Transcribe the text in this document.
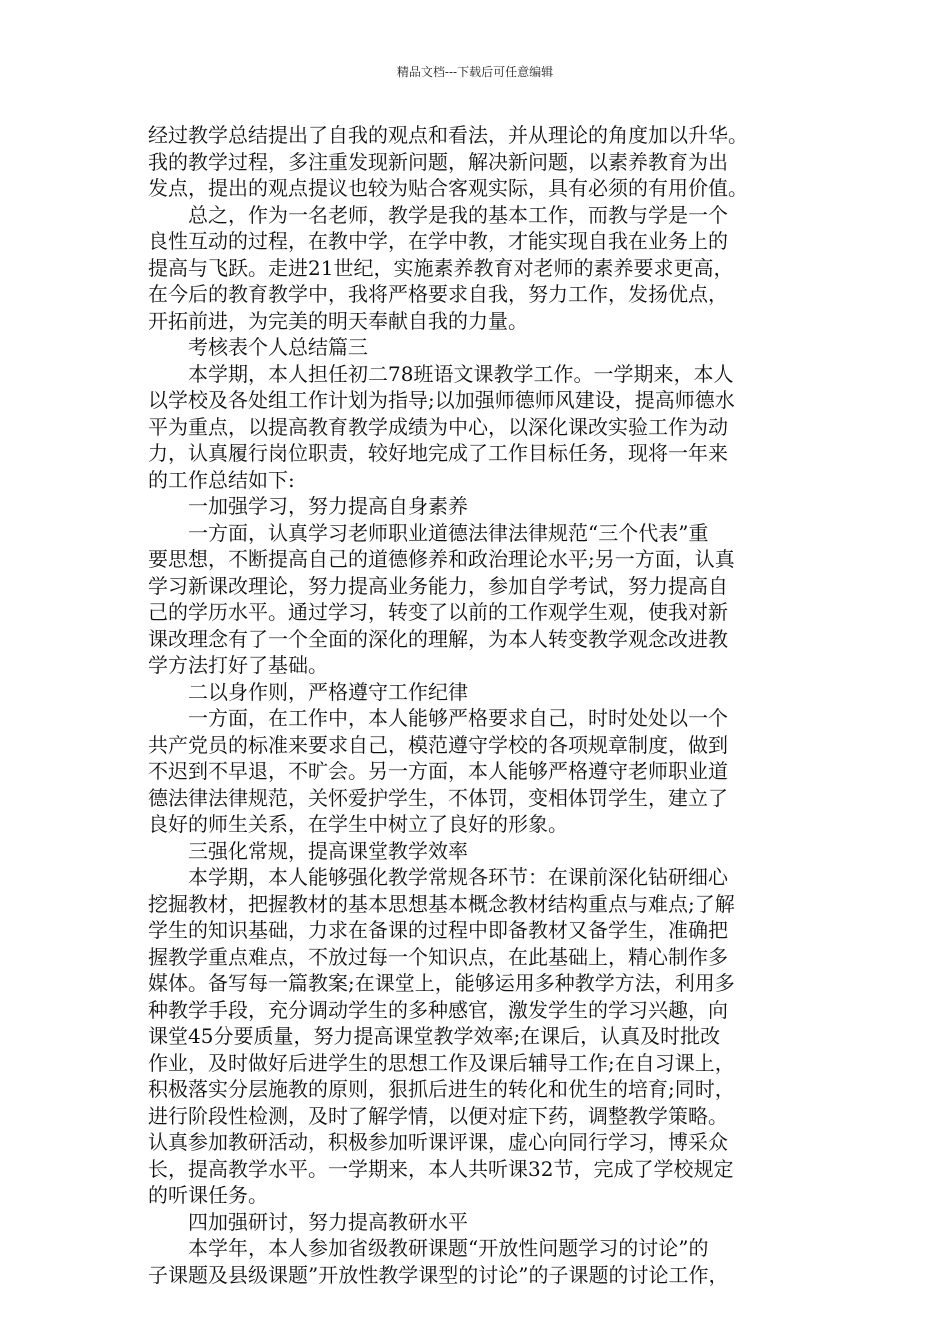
精品文档---下载后可任意编辑
经过教学总结提出了自我的观点和看法，并从理论的角度加以升华。
我的教学过程，多注重发现新问题，解决新问题，以素养教育为出
发点，提出的观点提议也较为贴合客观实际，具有必须的有用价值。
总之，作为一名老师，教学是我的基本工作，而教与学是一个
良性互动的过程，在教中学，在学中教，才能实现自我在业务上的
提高与飞跃。走进21世纪，实施素养教育对老师的素养要求更高，
在今后的教育教学中，我将严格要求自我，努力工作，发扬优点，
开拓前进，为完美的明天奉献自我的力量。
考核表个人总结篇三
本学期，本人担任初二78班语文课教学工作。一学期来，本人
以学校及各处组工作计划为指导;以加强师德师风建设，提高师德水
平为重点，以提高教育教学成绩为中心，以深化课改实验工作为动
力，认真履行岗位职责，较好地完成了工作目标任务，现将一年来
的工作总结如下:
一加强学习，努力提高自身素养
一方面，认真学习老师职业道德法律法律规范“三个代表”重
要思想，不断提高自己的道德修养和政治理论水平;另一方面，认真
学习新课改理论，努力提高业务能力，参加自学考试，努力提高自
己的学历水平。通过学习，转变了以前的工作观学生观，使我对新
课改理念有了一个全面的深化的理解，为本人转变教学观念改进教
学方法打好了基础。
二以身作则，严格遵守工作纪律
一方面，在工作中，本人能够严格要求自己，时时处处以一个
共产党员的标准来要求自己，模范遵守学校的各项规章制度，做到
不迟到不早退，不旷会。另一方面，本人能够严格遵守老师职业道
德法律法律规范，关怀爱护学生，不体罚，变相体罚学生，建立了
良好的师生关系，在学生中树立了良好的形象。
三强化常规，提高课堂教学效率
本学期，本人能够强化教学常规各环节：在课前深化钻研细心
挖掘教材，把握教材的基本思想基本概念教材结构重点与难点;了解
学生的知识基础，力求在备课的过程中即备教材又备学生，准确把
握教学重点难点，不放过每一个知识点，在此基础上，精心制作多
媒体。备写每一篇教案;在课堂上，能够运用多种教学方法，利用多
种教学手段，充分调动学生的多种感官，激发学生的学习兴趣，向
课堂45分要质量，努力提高课堂教学效率;在课后，认真及时批改
作业，及时做好后进学生的思想工作及课后辅导工作;在自习课上，
积极落实分层施教的原则，狠抓后进生的转化和优生的培育;同时，
进行阶段性检测，及时了解学情，以便对症下药，调整教学策略。
认真参加教研活动，积极参加听课评课，虚心向同行学习，博采众
长，提高教学水平。一学期来，本人共听课32节，完成了学校规定
的听课任务。
四加强研讨，努力提高教研水平
本学年，本人参加省级教研课题“开放性问题学习的讨论”的
子课题及县级课题”开放性教学课型的讨论”的子课题的讨论工作，
